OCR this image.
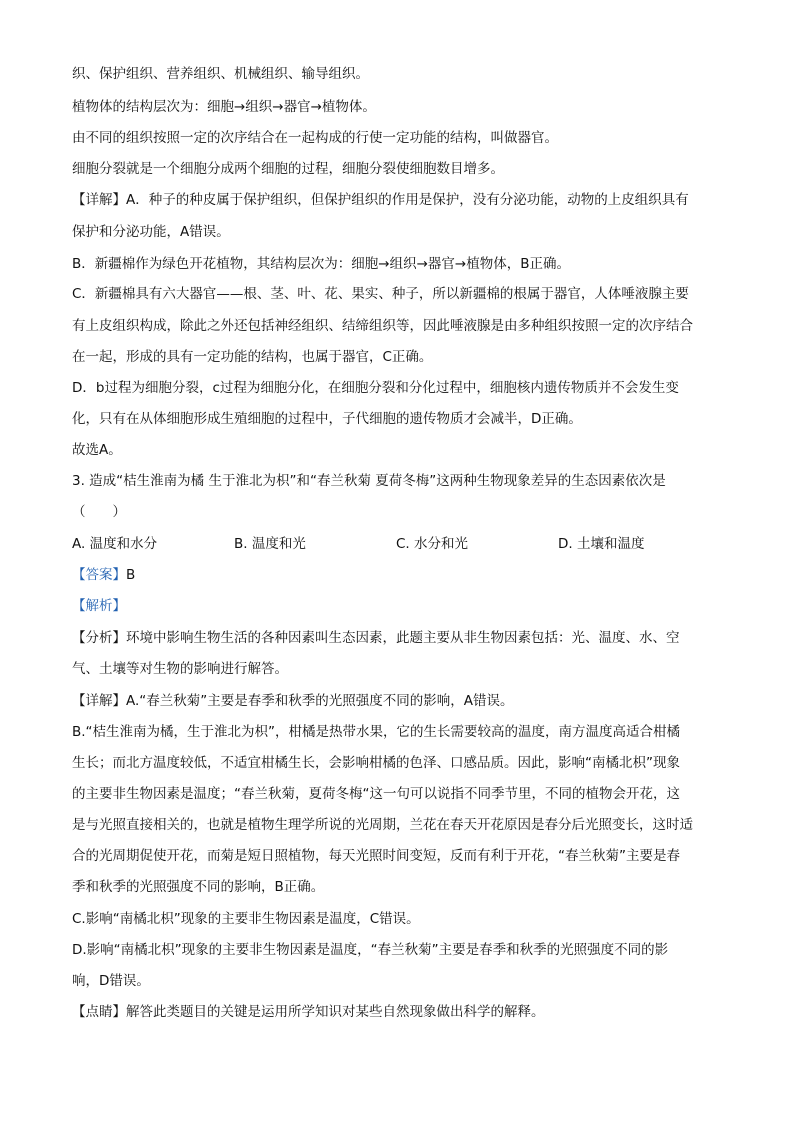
织、保护组织、营养组织、机械组织、输导组织。
植物体的结构层次为：细胞→组织→器官→植物体。
由不同的组织按照一定的次序结合在一起构成的行使一定功能的结构，叫做器官。
细胞分裂就是一个细胞分成两个细胞的过程，细胞分裂使细胞数目增多。
【详解】A．种子的种皮属于保护组织，但保护组织的作用是保护，没有分泌功能，动物的上皮组织具有
保护和分泌功能，A错误。
B．新疆棉作为绿色开花植物，其结构层次为：细胞→组织→器官→植物体，B正确。
C．新疆棉具有六大器官——根、茎、叶、花、果实、种子，所以新疆棉的根属于器官，人体唾液腺主要
有上皮组织构成，除此之外还包括神经组织、结缔组织等，因此唾液腺是由多种组织按照一定的次序结合
在一起，形成的具有一定功能的结构，也属于器官，C正确。
D．b过程为细胞分裂，c过程为细胞分化，在细胞分裂和分化过程中，细胞核内遗传物质并不会发生变
化，只有在从体细胞形成生殖细胞的过程中，子代细胞的遗传物质才会减半，D正确。
故选A。
3. 造成“桔生淮南为橘 生于淮北为枳”和“春兰秋菊 夏荷冬梅”这两种生物现象差异的生态因素依次是
（　　）
A. 温度和水分	B. 温度和光	C. 水分和光	D. 土壤和温度
【答案】B
【解析】
【分析】环境中影响生物生活的各种因素叫生态因素，此题主要从非生物因素包括：光、温度、水、空
气、土壤等对生物的影响进行解答。
【详解】A.“春兰秋菊”主要是春季和秋季的光照强度不同的影响，A错误。
B.“桔生淮南为橘，生于淮北为枳”，柑橘是热带水果，它的生长需要较高的温度，南方温度高适合柑橘
生长；而北方温度较低，不适宜柑橘生长，会影响柑橘的色泽、口感品质。因此，影响“南橘北枳”现象
的主要非生物因素是温度；“春兰秋菊，夏荷冬梅“这一句可以说指不同季节里，不同的植物会开花，这
是与光照直接相关的，也就是植物生理学所说的光周期，兰花在春天开花原因是春分后光照变长，这时适
合的光周期促使开花，而菊是短日照植物，每天光照时间变短，反而有利于开花，“春兰秋菊”主要是春
季和秋季的光照强度不同的影响，B正确。
C.影响“南橘北枳”现象的主要非生物因素是温度，C错误。
D.影响“南橘北枳”现象的主要非生物因素是温度，“春兰秋菊”主要是春季和秋季的光照强度不同的影
响，D错误。
【点睛】解答此类题目的关键是运用所学知识对某些自然现象做出科学的解释。
